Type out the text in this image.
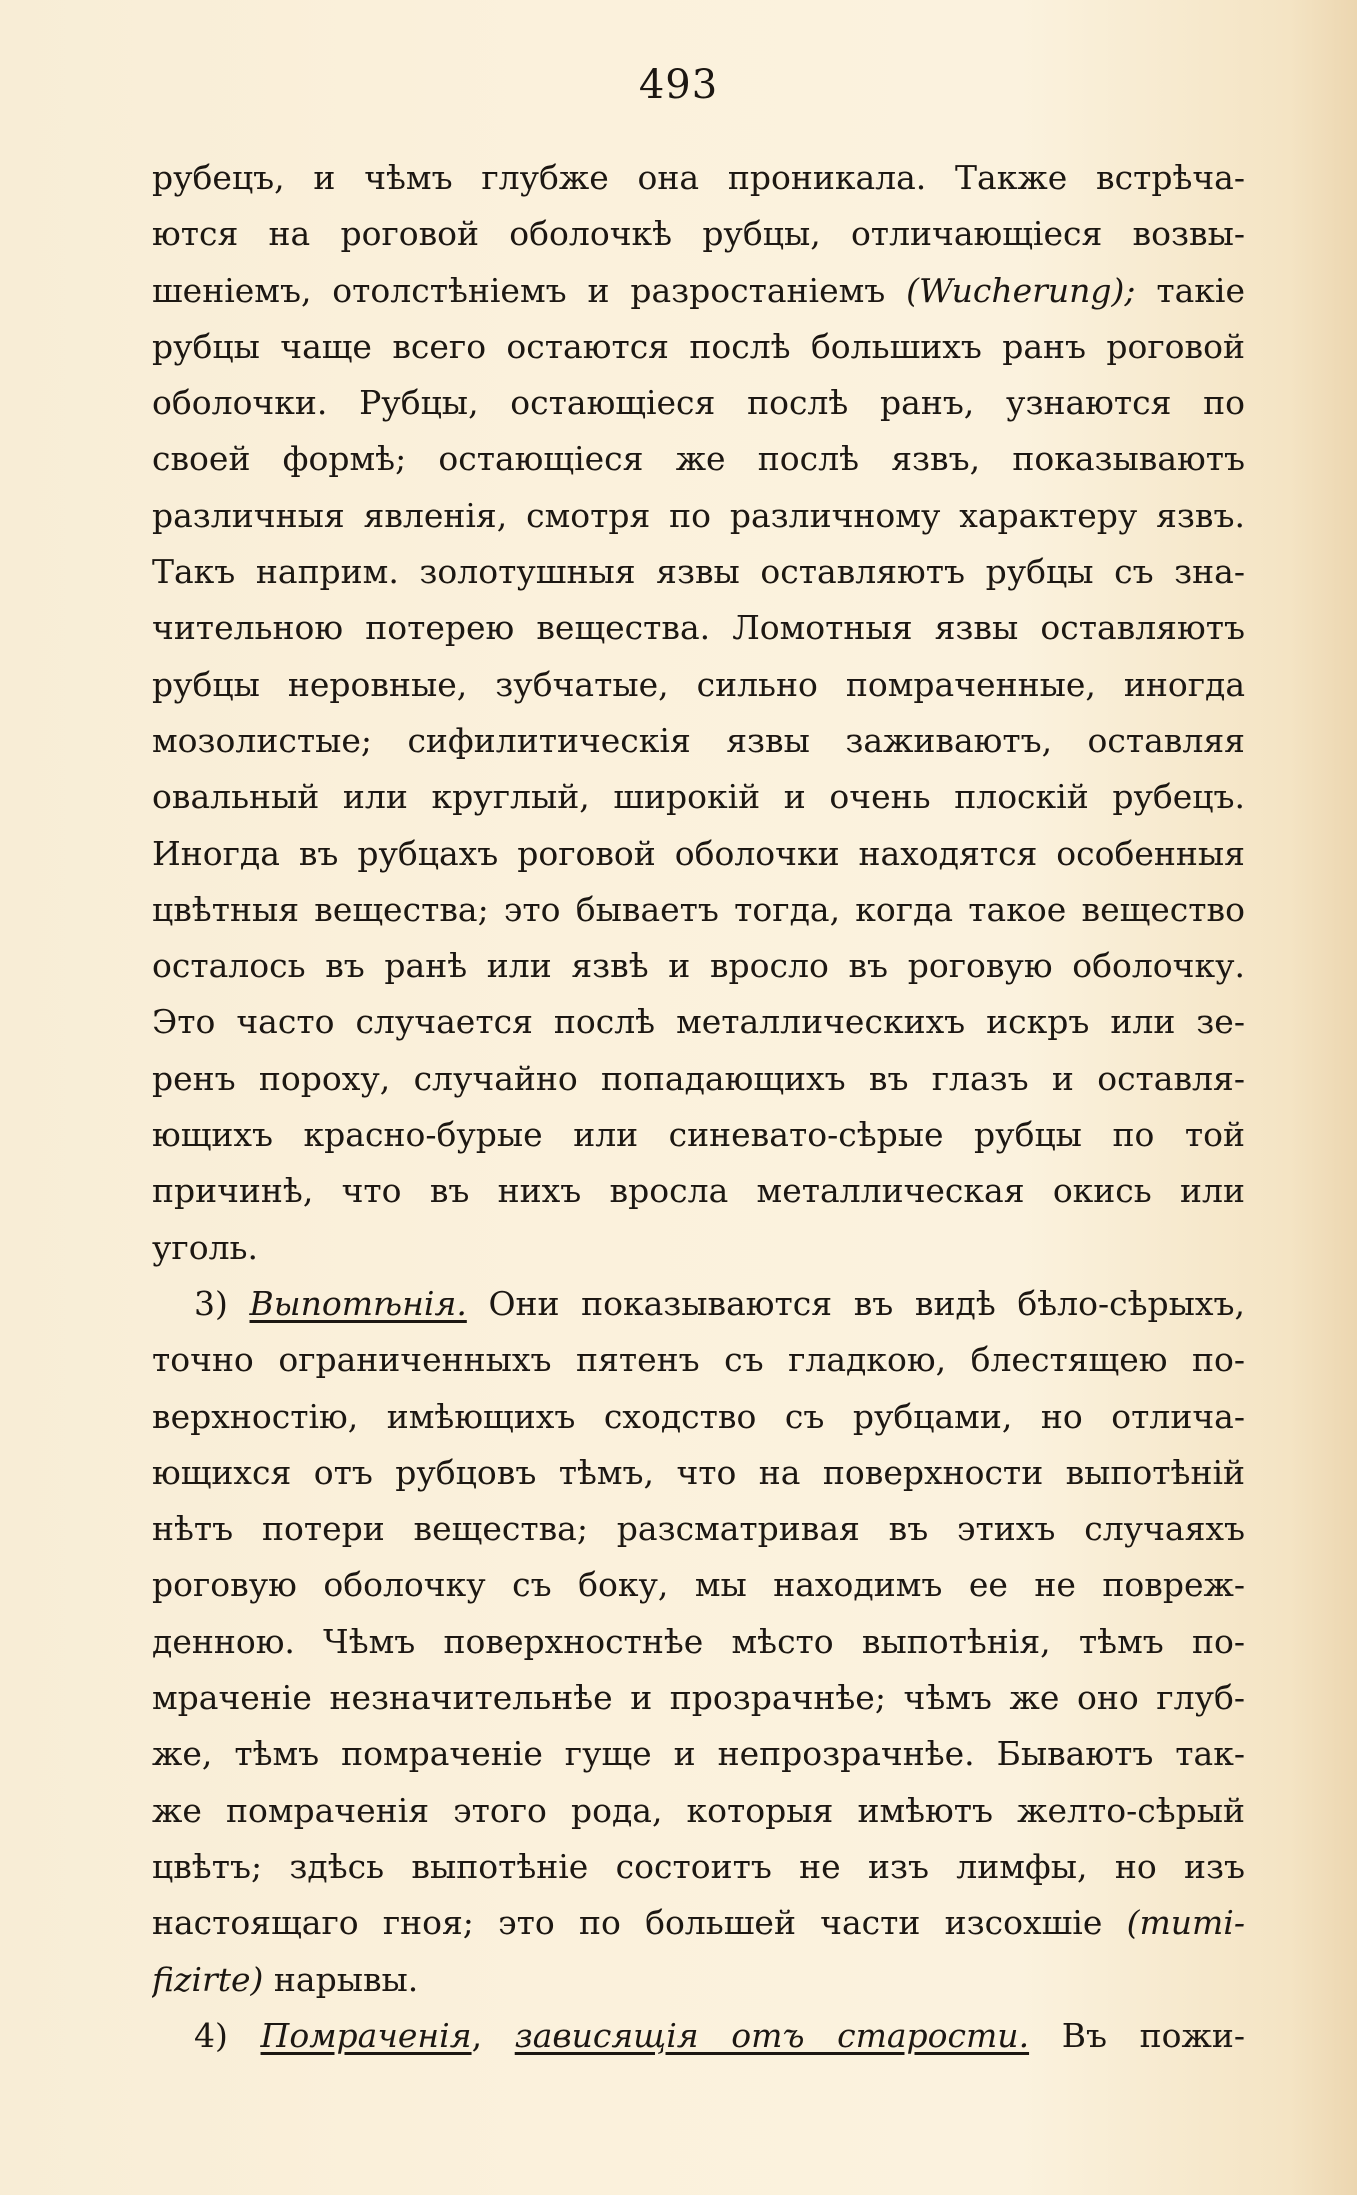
493
рубецъ, и чѣмъ глубже она проникала. Также встрѣча-
ются на роговой оболочкѣ рубцы, отличающіеся возвы-
шеніемъ, отолстѣніемъ и разростаніемъ (Wucherung); такіе
рубцы чаще всего остаются послѣ большихъ ранъ роговой
оболочки. Рубцы, остающіеся послѣ ранъ, узнаются по
своей формѣ; остающіеся же послѣ язвъ, показываютъ
различныя явленія, смотря по различному характеру язвъ.
Такъ наприм. золотушныя язвы оставляютъ рубцы съ зна-
чительною потерею вещества. Ломотныя язвы оставляютъ
рубцы неровные, зубчатые, сильно помраченные, иногда
мозолистые; сифилитическія язвы заживаютъ, оставляя
овальный или круглый, широкій и очень плоскій рубецъ.
Иногда въ рубцахъ роговой оболочки находятся особенныя
цвѣтныя вещества; это бываетъ тогда, когда такое вещество
осталось въ ранѣ или язвѣ и вросло въ роговую оболочку.
Это часто случается послѣ металлическихъ искръ или зе-
ренъ пороху, случайно попадающихъ въ глазъ и оставля-
ющихъ красно-бурые или синевато-сѣрые рубцы по той
причинѣ, что въ нихъ вросла металлическая окись или
уголь.
3) Выпотѣнія. Они показываются въ видѣ бѣло-сѣрыхъ,
точно ограниченныхъ пятенъ съ гладкою, блестящею по-
верхностію, имѣющихъ сходство съ рубцами, но отлича-
ющихся отъ рубцовъ тѣмъ, что на поверхности выпотѣній
нѣтъ потери вещества; разсматривая въ этихъ случаяхъ
роговую оболочку съ боку, мы находимъ ее не повреж-
денною. Чѣмъ поверхностнѣе мѣсто выпотѣнія, тѣмъ по-
мраченіе незначительнѣе и прозрачнѣе; чѣмъ же оно глуб-
же, тѣмъ помраченіе гуще и непрозрачнѣе. Бываютъ так-
же помраченія этого рода, которыя имѣютъ желто-сѣрый
цвѣтъ; здѣсь выпотѣніе состоитъ не изъ лимфы, но изъ
настоящаго гноя; это по большей части изсохшіе (mumi-
fizirte) нарывы.
4) Помраченія, зависящія отъ старости. Въ пожи-
